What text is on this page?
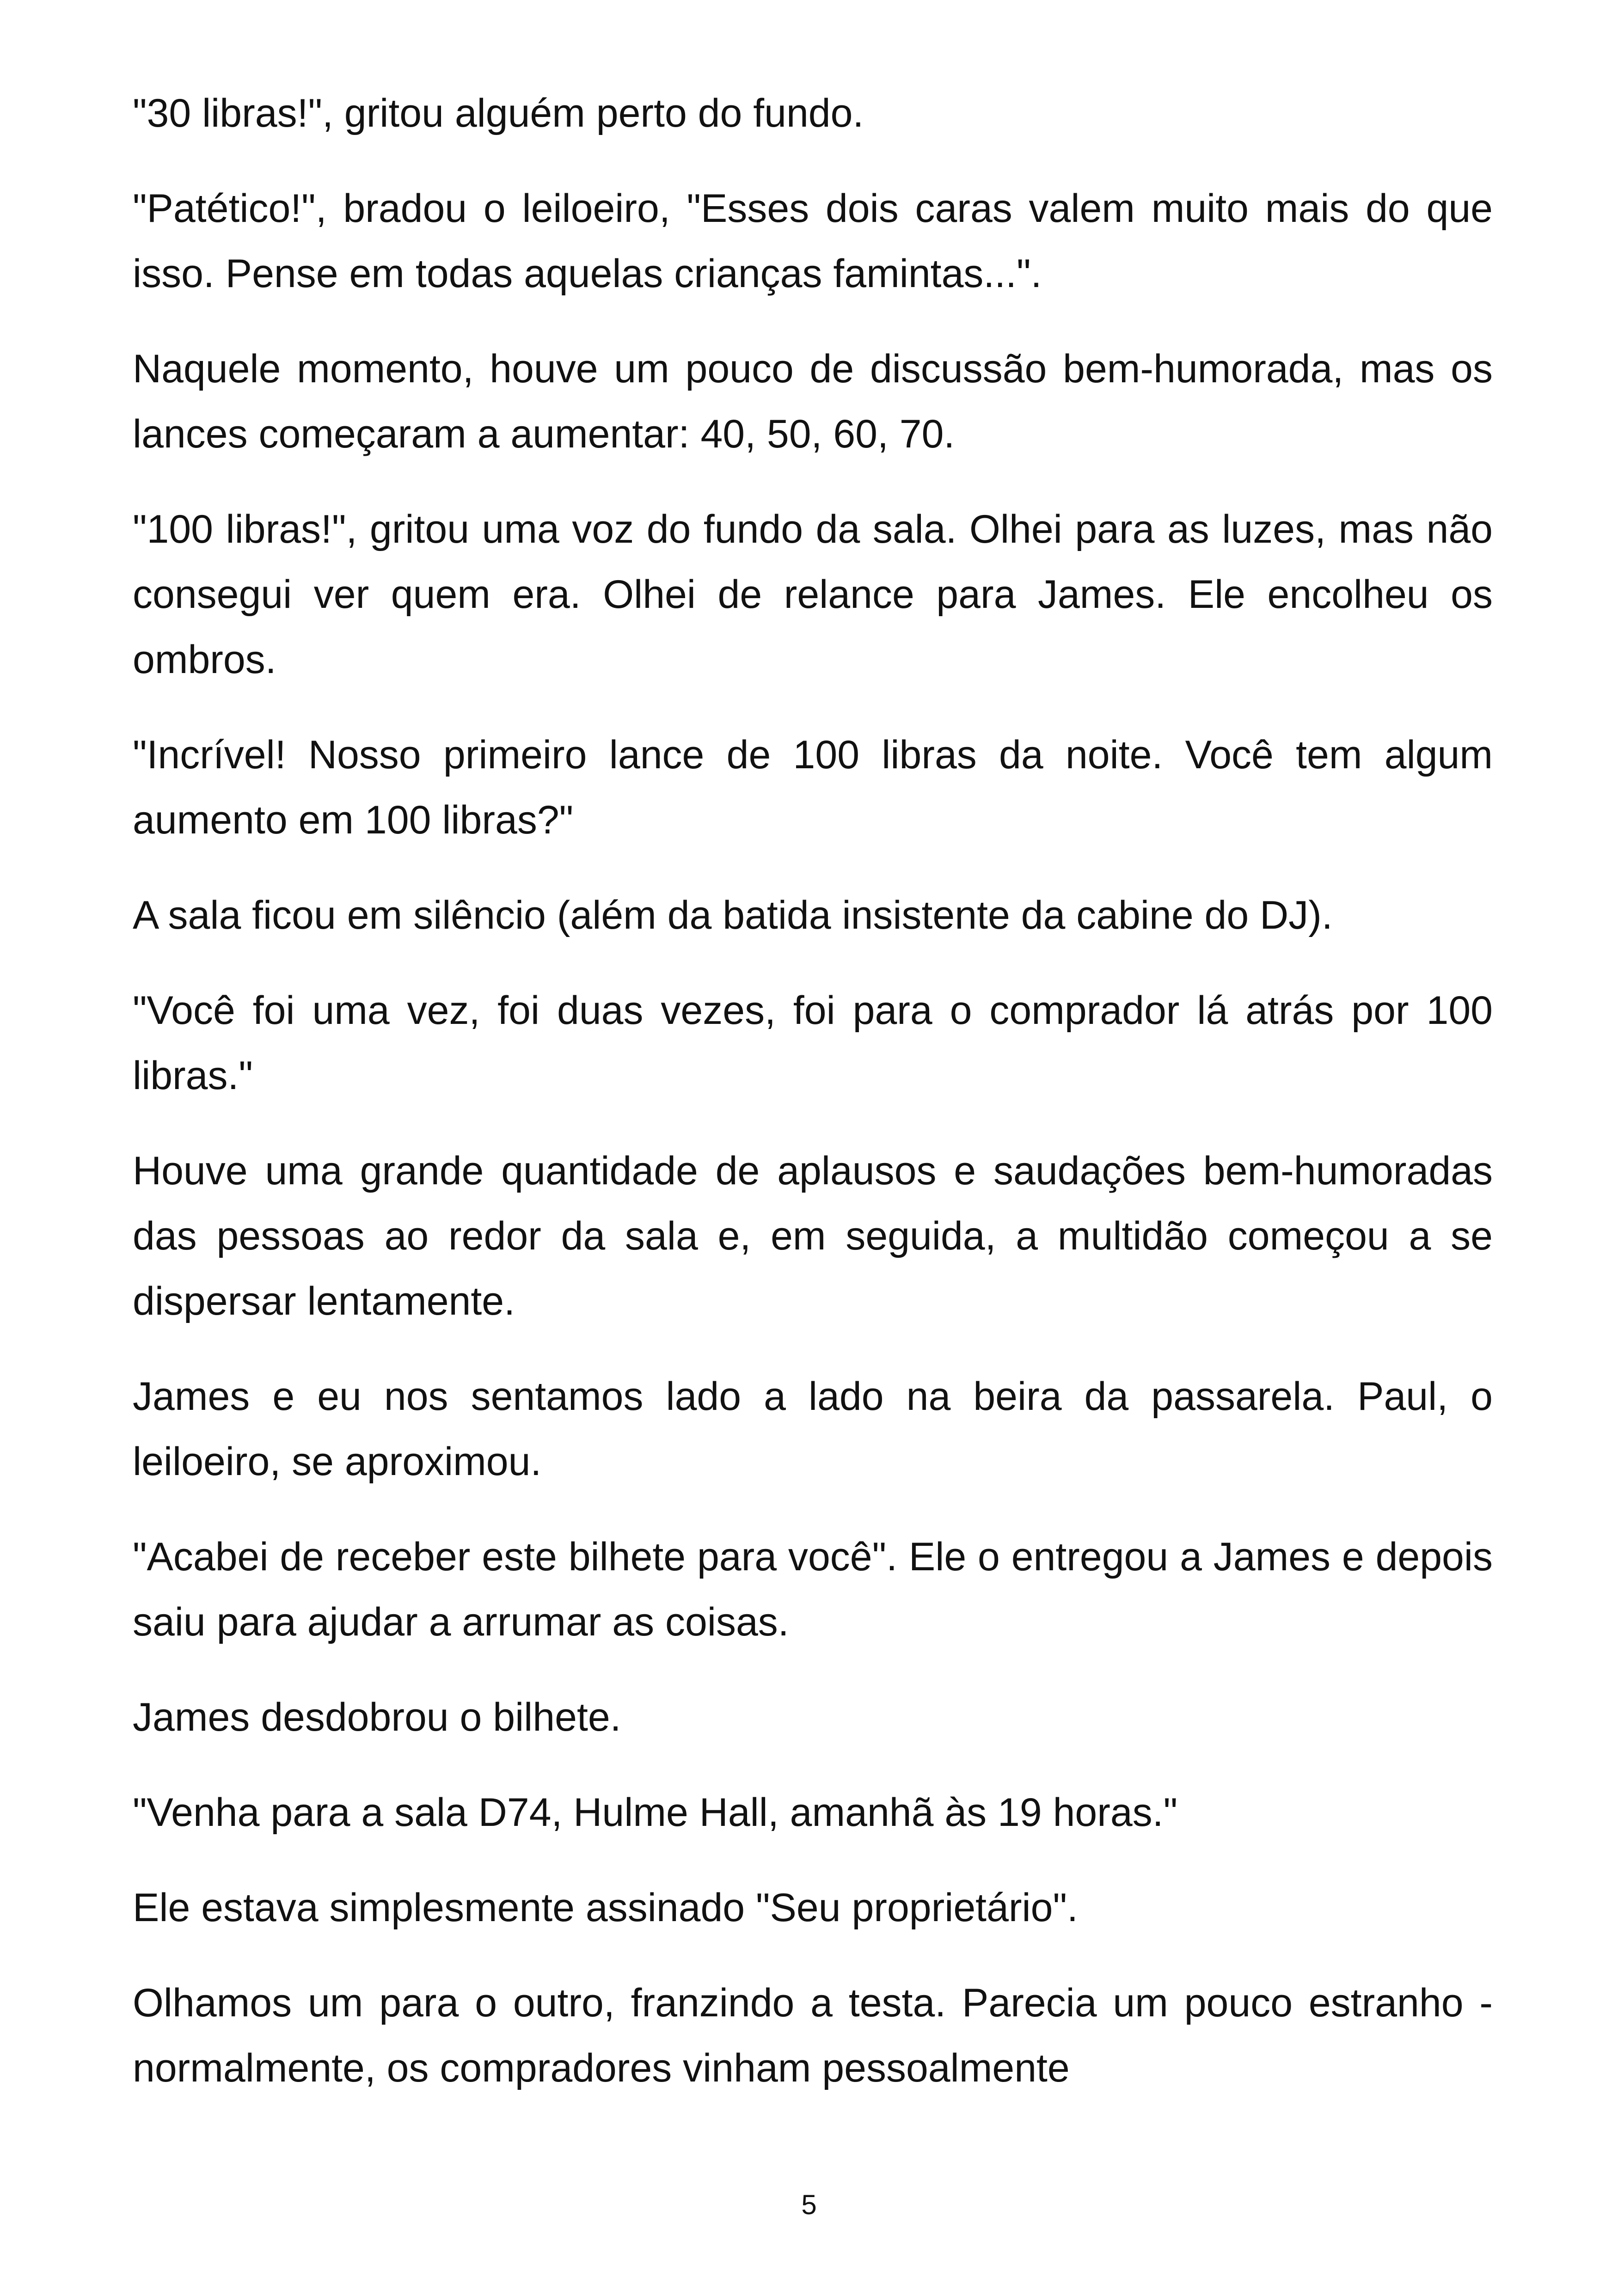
"30 libras!", gritou alguém perto do fundo.

"Patético!", bradou o leiloeiro, "Esses dois caras valem muito mais do que isso. Pense em todas aquelas crianças famintas...".

Naquele momento, houve um pouco de discussão bem-humorada, mas os lances começaram a aumentar: 40, 50, 60, 70.

"100 libras!", gritou uma voz do fundo da sala. Olhei para as luzes, mas não consegui ver quem era. Olhei de relance para James. Ele encolheu os ombros.

"Incrível! Nosso primeiro lance de 100 libras da noite. Você tem algum aumento em 100 libras?"

A sala ficou em silêncio (além da batida insistente da cabine do DJ).

"Você foi uma vez, foi duas vezes, foi para o comprador lá atrás por 100 libras."

Houve uma grande quantidade de aplausos e saudações bem-humoradas das pessoas ao redor da sala e, em seguida, a multidão começou a se dispersar lentamente.

James e eu nos sentamos lado a lado na beira da passarela. Paul, o leiloeiro, se aproximou.

"Acabei de receber este bilhete para você". Ele o entregou a James e depois saiu para ajudar a arrumar as coisas.

James desdobrou o bilhete.

"Venha para a sala D74, Hulme Hall, amanhã às 19 horas."

Ele estava simplesmente assinado "Seu proprietário".

Olhamos um para o outro, franzindo a testa. Parecia um pouco estranho - normalmente, os compradores vinham pessoalmente

5
